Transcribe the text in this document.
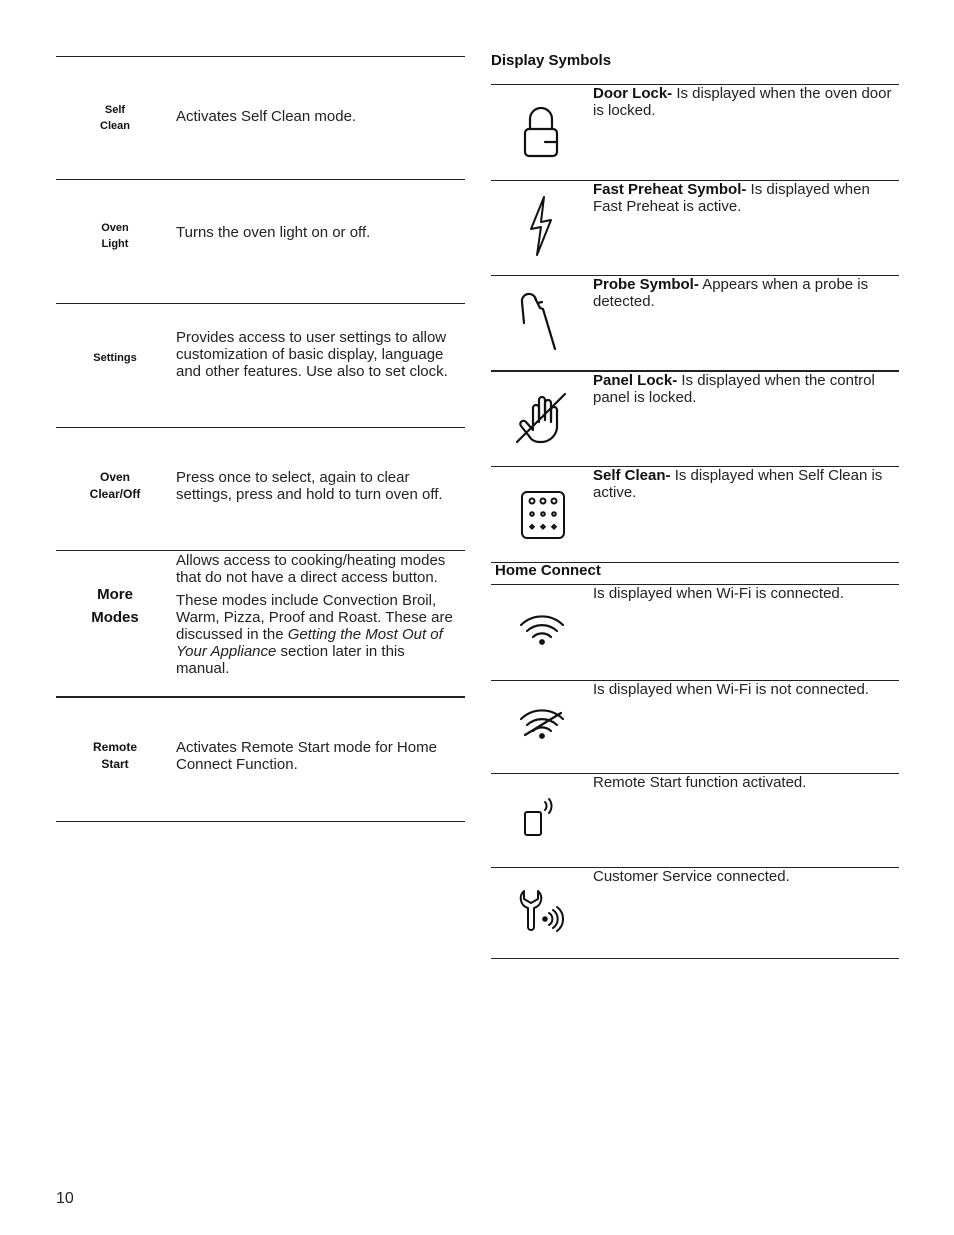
Self
Clean

Activates Self Clean mode.

Oven
Light

Turns the oven light on or off.

Settings

Provides access to user settings to allow customization of basic display, language and other features. Use also to set clock.

Oven
Clear/Off

Press once to select, again to clear settings, press and hold to turn oven off.

More
Modes

Allows access to cooking/heating modes that do not have a direct access button.

These modes include Convection Broil, Warm, Pizza, Proof and Roast. These are discussed in the Getting the Most Out of Your Appliance section later in this manual.

Remote
Start

Activates Remote Start mode for Home Connect Function.

Display Symbols
Door Lock- Is displayed when the oven door is locked.
Fast Preheat Symbol- Is displayed when Fast Preheat is active.
Probe Symbol- Appears when a probe is detected.
Panel Lock- Is displayed when the control panel is locked.
Self Clean- Is displayed when Self Clean is active.
Home Connect
Is displayed when Wi-Fi is connected.
Is displayed when Wi-Fi is not connected.
Remote Start function activated.
Customer Service connected.
10
